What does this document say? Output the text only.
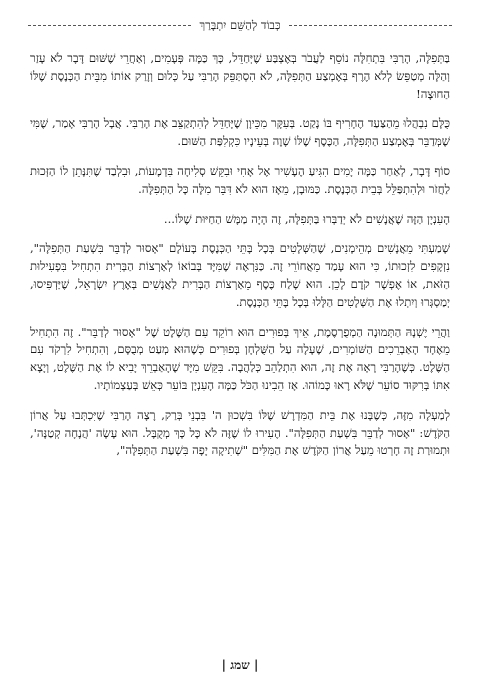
כְּבוֹד לְהַשֵּׁם יִתְבָּרַךְ

בַּתְּפִלָּה, הָרַבִּי בִּתְחִלָּה נוֹסֵף לַעֲבֹר בְּאֶצְבַּע שֶׁיְּחַדֵּל, כָּךְ כַּמָּה פְּעָמִים, וְאַחֲרֵי שֶׁשּׁוּם דָּבָר לֹא עָזַר וְהַלָּה מְטַפֵּשׂ לְלֹא הֶרֶף בְּאֶמְצַע הַתְּפִלָּה, לֹא הִסְתַּפֵּק הָרַבִּי עַל כְּלוּם וְזָרַק אוֹתוֹ מִבֵּית הַכְּנֶסֶת שֶׁלּוֹ הַחוּצָה!

כֻּלָּם נִבְהֲלוּ מֵהַצַּעַד הֶחָרִיף בּוֹ נָקַט. בְּעִקָּר מִכֵּיוָן שֶׁיָּחַדֵּל לְהִתְקַצֵּב אֶת הָרַבִּי. אֲבָל הָרַבִּי אָמַר, שֶׁמִּי שֶׁמְּדַבֵּר בְּאֶמְצַע הַתְּפִלָּה, הַכֶּסֶף שֶׁלּוֹ שָׁוֶה בְּעֵינָיו כִּקְלִפַּת הַשּׁוּם.

סוֹף דָּבָר, לְאַחַר כַּמָּה יָמִים הִגִּיעַ הֶעָשִׁיר אֶל אָחִי וּבִקֵּשׁ סְלִיחָה בִּדְמָעוֹת, וּבִלְבַד שֶׁתִּנָּתֵן לוֹ הַזְּכוּת לַחֲזֹר וּלְהִתְפַּלֵּל בְּבֵית הַכְּנֶסֶת. כַּמּוּבָן, מֵאָז הוּא לֹא דִּבֵּר מִלָּה כָּל הַתְּפִלָּה.

הָעִנְיָן הַזֶּה שֶׁאֲנָשִׁים לֹא יְדַבְּרוּ בַּתְּפִלָּה, זֶה הָיָה מַמָּשׁ הַחַיּוּת שֶׁלּוֹ...

שָׁמַעְתִּי מֵאֲנָשִׁים מְהֵימָנִים, שֶׁהַשְּׁלָטִים בְּכָל בָּתֵּי הַכְּנֶסֶת בָּעוֹלָם "אָסוּר לְדַבֵּר בִּשְׁעַת הַתְּפִלָּה", נִזְקָפִים לִזְכוּתוֹ, כִּי הוּא עָמַד מֵאֲחוֹרֵי זֶה. כַּנִּרְאֶה שֶׁמִּיָּד בְּבוֹאוֹ לְאַרְצוֹת הַבְּרִית הִתְחִיל בִּפְעִילוּת הַזֹּאת, אוֹ אֶפְשָׁר קֹדֶם לָכֵן. הוּא שָׁלַח כֶּסֶף מֵאַרְצוֹת הַבְּרִית לַאֲנָשִׁים בְּאֶרֶץ יִשְׂרָאֵל, שֶׁיַּדְפִּיסוּ, יְמַסְגְּרוּ וְיִתְלוּ אֶת הַשְּׁלָטִים הַלָּלוּ בְּכָל בָּתֵּי הַכְּנֶסֶת.

וַהֲרֵי יֶשְׁנָהּ הַתְּמוּנָה הַמְפֻרְסֶמֶת, אֵיךְ בְּפוּרִים הוּא רוֹקֵד עִם הַשֶּׁלֶט שֶׁל "אָסוּר לְדַבֵּר". זֶה הִתְחִיל מֵאֶחָד הָאַבְרֵכִים הַשּׁוֹמְרִים, שֶׁעָלָה עַל הַשֻּׁלְחָן בְּפוּרִים כְּשֶׁהוּא מְעַט מְבֻסָּם, וְהִתְחִיל לִרְקֹד עִם הַשֶּׁלֶט. כְּשֶׁהָרַבִּי רָאָה אֶת זֶה, הוּא הִתְלַהֵב כְּלַהֲבָה. בִּקֵּשׁ מִיָּד שֶׁהָאַבְרֵךְ יָבִיא לוֹ אֶת הַשֶּׁלֶט, וְיָצָא אִתּוֹ בְּרִקּוּד סוֹעֵר שֶׁלֹּא רָאוּ כָּמוֹהוּ. אָז הֵבִינוּ הַכֹּל כַּמָּה הָעִנְיָן בּוֹעֵר כְּאֵשׁ בְּעַצְמוֹתָיו.

לְמַעְלָה מִזֶּה, כְּשֶׁבָּנוּ אֶת בֵּית הַמִּדְרָשׁ שֶׁלּוֹ בִּשְׁכוּן ה' בִּבְנֵי בְּרַק, רָצָה הָרַבִּי שֶׁיִּכְתְּבוּ עַל אֲרוֹן הַקֹּדֶשׁ: "אָסוּר לְדַבֵּר בִּשְׁעַת הַתְּפִלָּה". הֶעִירוּ לוֹ שֶׁזֶּה לֹא כָּל כָּךְ מְקֻבָּל. הוּא עָשָׂה 'הֲנָחָה קְטַנָּה', וּתְמוּרַת זֶה חָרְטוּ מֵעַל אֲרוֹן הַקֹּדֶשׁ אֶת הַמִּלִּים "שְׁתִיקָה יָפָה בִּשְׁעַת הַתְּפִלָּה",

| שמג |
